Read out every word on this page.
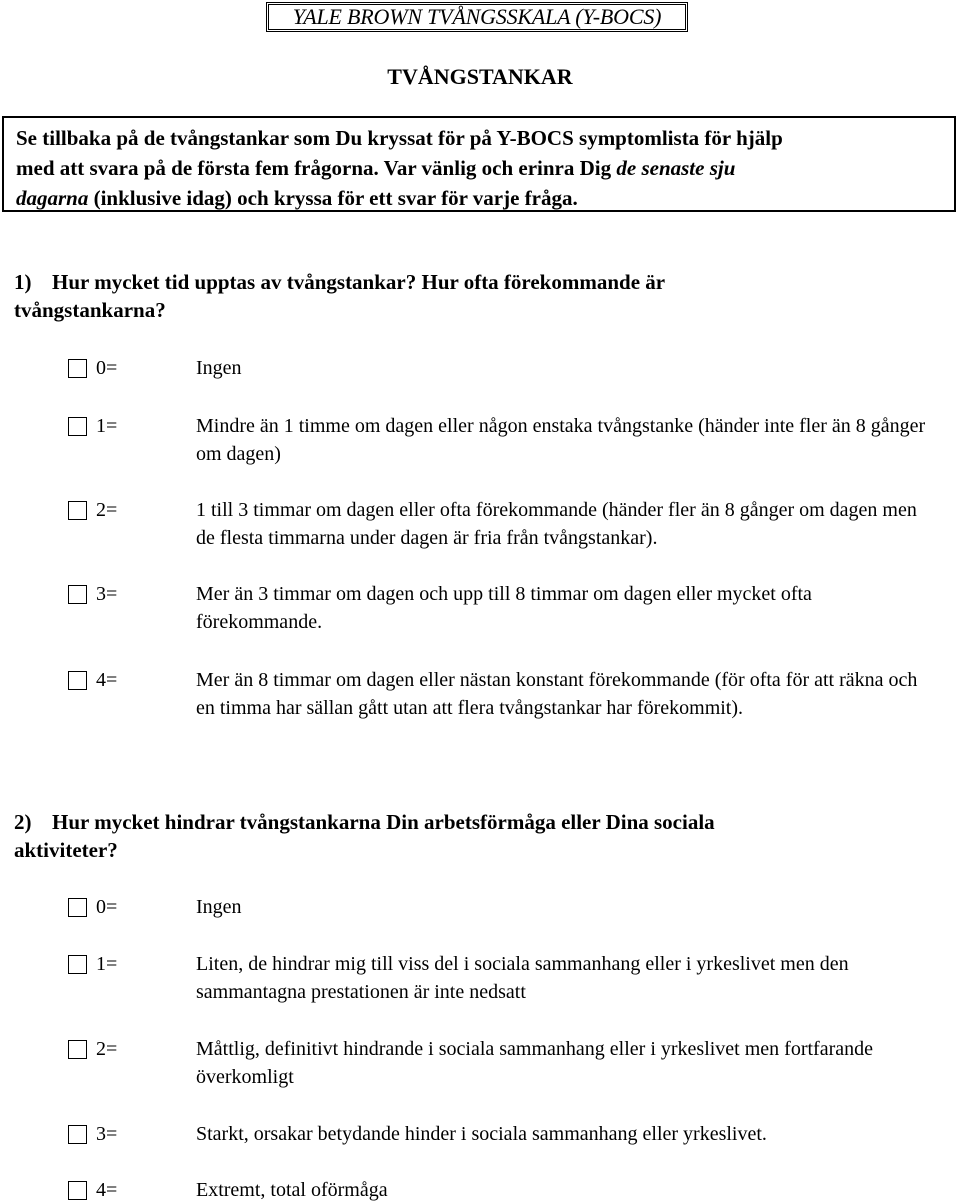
YALE BROWN TVÅNGSSKALA (Y-BOCS)
TVÅNGSTANKAR
Se tillbaka på de tvångstankar som Du kryssat för på Y-BOCS symptomlista för hjälp
med att svara på de första fem frågorna. Var vänlig och erinra Dig de senaste sju
dagarna (inklusive idag) och kryssa för ett svar för varje fråga.
1) Hur mycket tid upptas av tvångstankar? Hur ofta förekommande är
tvångstankarna?
0=	Ingen
1=	Mindre än 1 timme om dagen eller någon enstaka tvångstanke (händer inte fler än 8 gånger om dagen)
2=	1 till 3 timmar om dagen eller ofta förekommande (händer fler än 8 gånger om dagen men de flesta timmarna under dagen är fria från tvångstankar).
3=	Mer än 3 timmar om dagen och upp till 8 timmar om dagen eller mycket ofta förekommande.
4=	Mer än 8 timmar om dagen eller nästan konstant förekommande (för ofta för att räkna och en timma har sällan gått utan att flera tvångstankar har förekommit).
2) Hur mycket hindrar tvångstankarna Din arbetsförmåga eller Dina sociala
aktiviteter?
0=	Ingen
1=	Liten, de hindrar mig till viss del i sociala sammanhang eller i yrkeslivet men den sammantagna prestationen är inte nedsatt
2=	Måttlig, definitivt hindrande i sociala sammanhang eller i yrkeslivet men fortfarande överkomligt
3=	Starkt, orsakar betydande hinder i sociala sammanhang eller yrkeslivet.
4=	Extremt, total oförmåga
